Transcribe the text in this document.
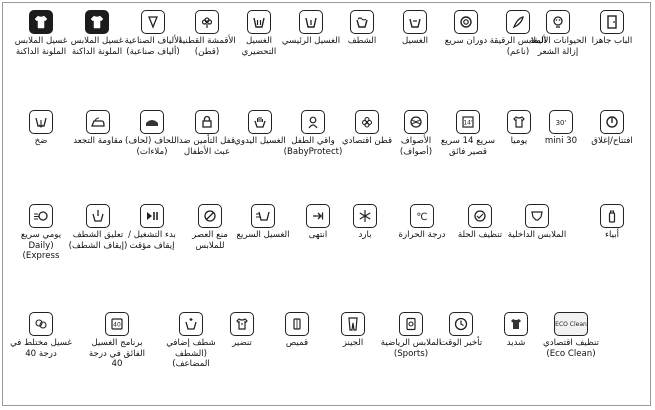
الباب جاهزا
الحيوانات الأليفة إزالة الشعر
الملابس الرقيقة (ناعم)
دوران سريع
الغسيل
الشطف
الغسيل الرئيسي
الغسيل التحضيري
الأقمشة القطنية (قطن)
الألياف الصناعية (ألياف صناعية)
غسيل الملابس الملونة الداكنة
غسيل الملابس الملونة الداكنة
افتتاح/إغلاق
30'
mini 30
يوميا
14'
سريع 14 سريع قصير فائق
الأصواف (أصواف)
قطن اقتصادي
واقي الطفل (BabyProtect)
الغسيل اليدوي
قفل التأمين ضد عبث الأطفال
اللحاف (لحاف) (ملاءات)
مقاومة التجعد
ضخ
أبياء
الملابس الداخلية
تنظيف الحلة
℃
درجة الحرارة
بارد
انتهى
الغسيل السريع
منع العصر للملابس
بدء التشغيل / إيقاف مؤقت
تعليق الشطف (إيقاف الشطف)
يومي سريع (Daily Express)
ECO Clean
تنظيف اقتصادي (Eco Clean)
شديد
تأخير الوقت
الملابس الرياضية (Sports)
الجينز
قميص
تنضير
شطف إضافي (الشطف المضاعف)
40
برنامج الغسيل الفائق في درجة 40
غسيل مختلط في درجة 40
